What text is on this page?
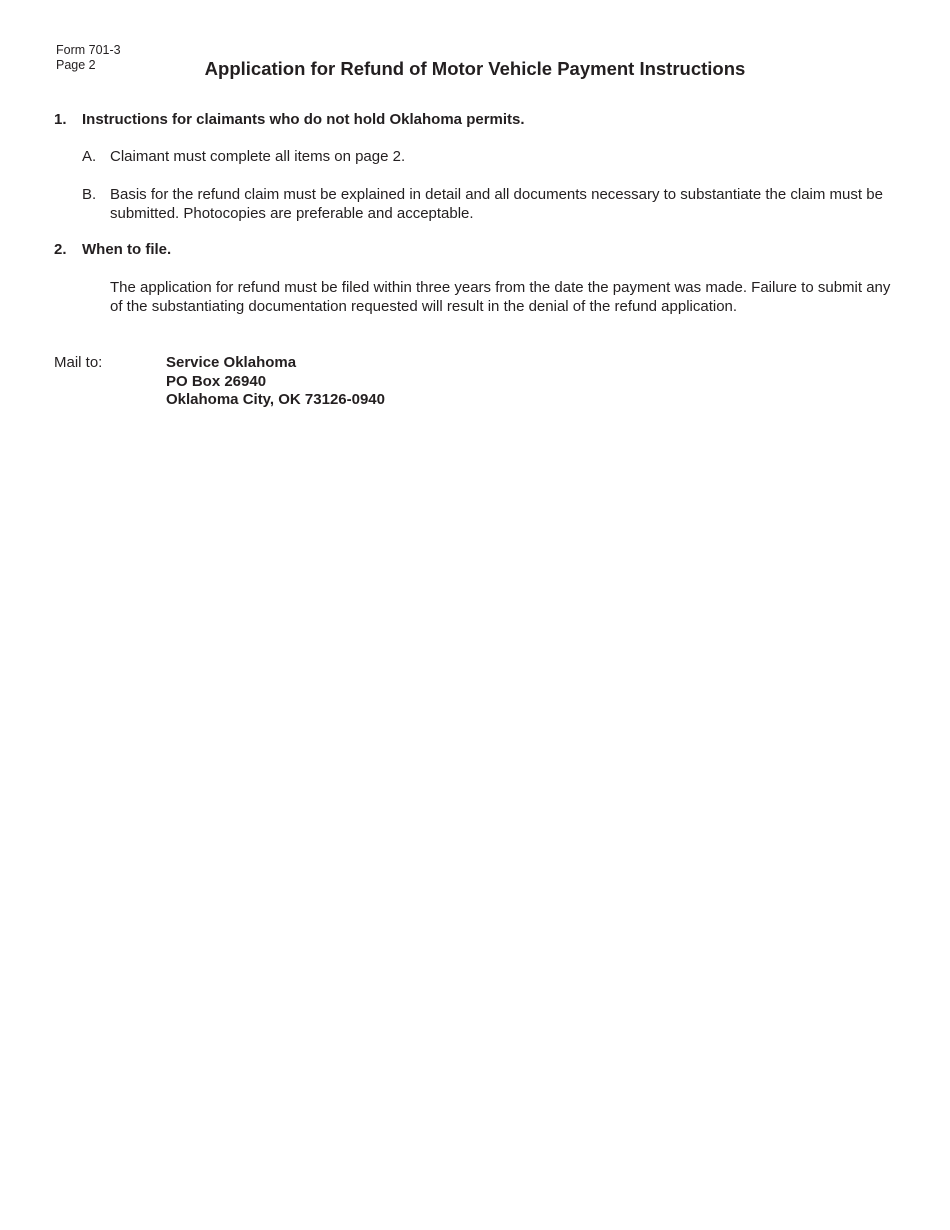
Form 701-3
Page 2	Application for Refund of Motor Vehicle Payment Instructions
1.	Instructions for claimants who do not hold Oklahoma permits.
A. Claimant must complete all items on page 2.
B. Basis for the refund claim must be explained in detail and all documents necessary to substantiate the claim must be submitted. Photocopies are preferable and acceptable.
2.	When to file.
The application for refund must be filed within three years from the date the payment was made. Failure to submit any of the substantiating documentation requested will result in the denial of the refund application.
Mail to:	Service Oklahoma
PO Box 26940
Oklahoma City, OK 73126-0940
